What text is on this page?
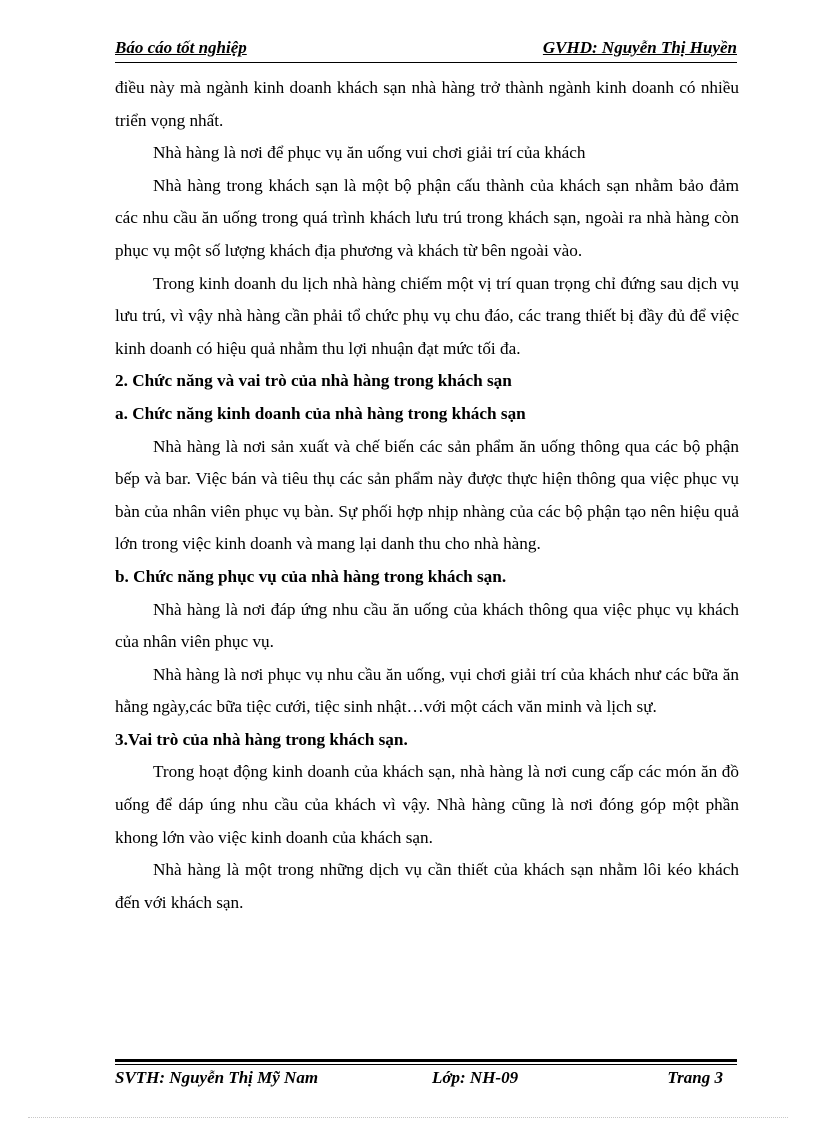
Báo cáo tốt nghiệp	GVHD: Nguyễn Thị Huyền

điều này mà ngành kinh doanh khách sạn nhà hàng trở thành ngành kinh doanh có nhiều triển vọng nhất.

Nhà hàng là nơi để phục vụ ăn uống vui chơi giải trí của khách

Nhà hàng trong khách sạn là một bộ phận cấu thành của khách sạn nhằm bảo đảm các nhu cầu ăn uống trong quá trình khách lưu trú trong khách sạn, ngoài ra nhà hàng còn phục vụ một số lượng khách địa phương và khách từ bên ngoài vào.

Trong kinh doanh du lịch nhà hàng chiếm một vị trí quan trọng chỉ đứng sau dịch vụ lưu trú, vì vậy nhà hàng cần phải tổ chức phụ vụ chu đáo, các trang thiết bị đầy đủ để việc kinh doanh có hiệu quả nhằm thu lợi nhuận đạt mức tối đa.

2. Chức năng và vai trò của nhà hàng trong khách sạn

a. Chức năng kinh doanh của nhà hàng trong khách sạn

Nhà hàng là nơi sản xuất và chế biến các sản phẩm ăn uống thông qua các bộ phận bếp và bar. Việc bán và tiêu thụ các sản phẩm này được thực hiện thông qua việc phục vụ bàn của nhân viên phục vụ bàn. Sự phối hợp nhịp nhàng của các bộ phận tạo nên hiệu quả lớn trong việc kinh doanh và mang lại danh thu cho nhà hàng.

b. Chức năng phục vụ của nhà hàng trong khách sạn.

Nhà hàng là nơi đáp ứng nhu cầu ăn uống của khách thông qua việc phục vụ khách của nhân viên phục vụ.

Nhà hàng là nơi phục vụ nhu cầu ăn uống, vụi chơi giải trí của khách như các bữa ăn hằng ngày,các bữa tiệc cưới, tiệc sinh nhật…với một cách văn minh và lịch sự.

3.Vai trò của nhà hàng trong khách sạn.

Trong hoạt động kinh doanh của khách sạn, nhà hàng là nơi cung cấp các món ăn đồ uống để dáp úng nhu cầu của khách vì vậy. Nhà hàng cũng là nơi đóng góp một phần khong lớn vào việc kinh doanh của khách sạn.

Nhà hàng là một trong những dịch vụ cần thiết của khách sạn nhằm lôi kéo khách đến với khách sạn.

SVTH: Nguyễn Thị Mỹ Nam	Lớp: NH-09	Trang 3
